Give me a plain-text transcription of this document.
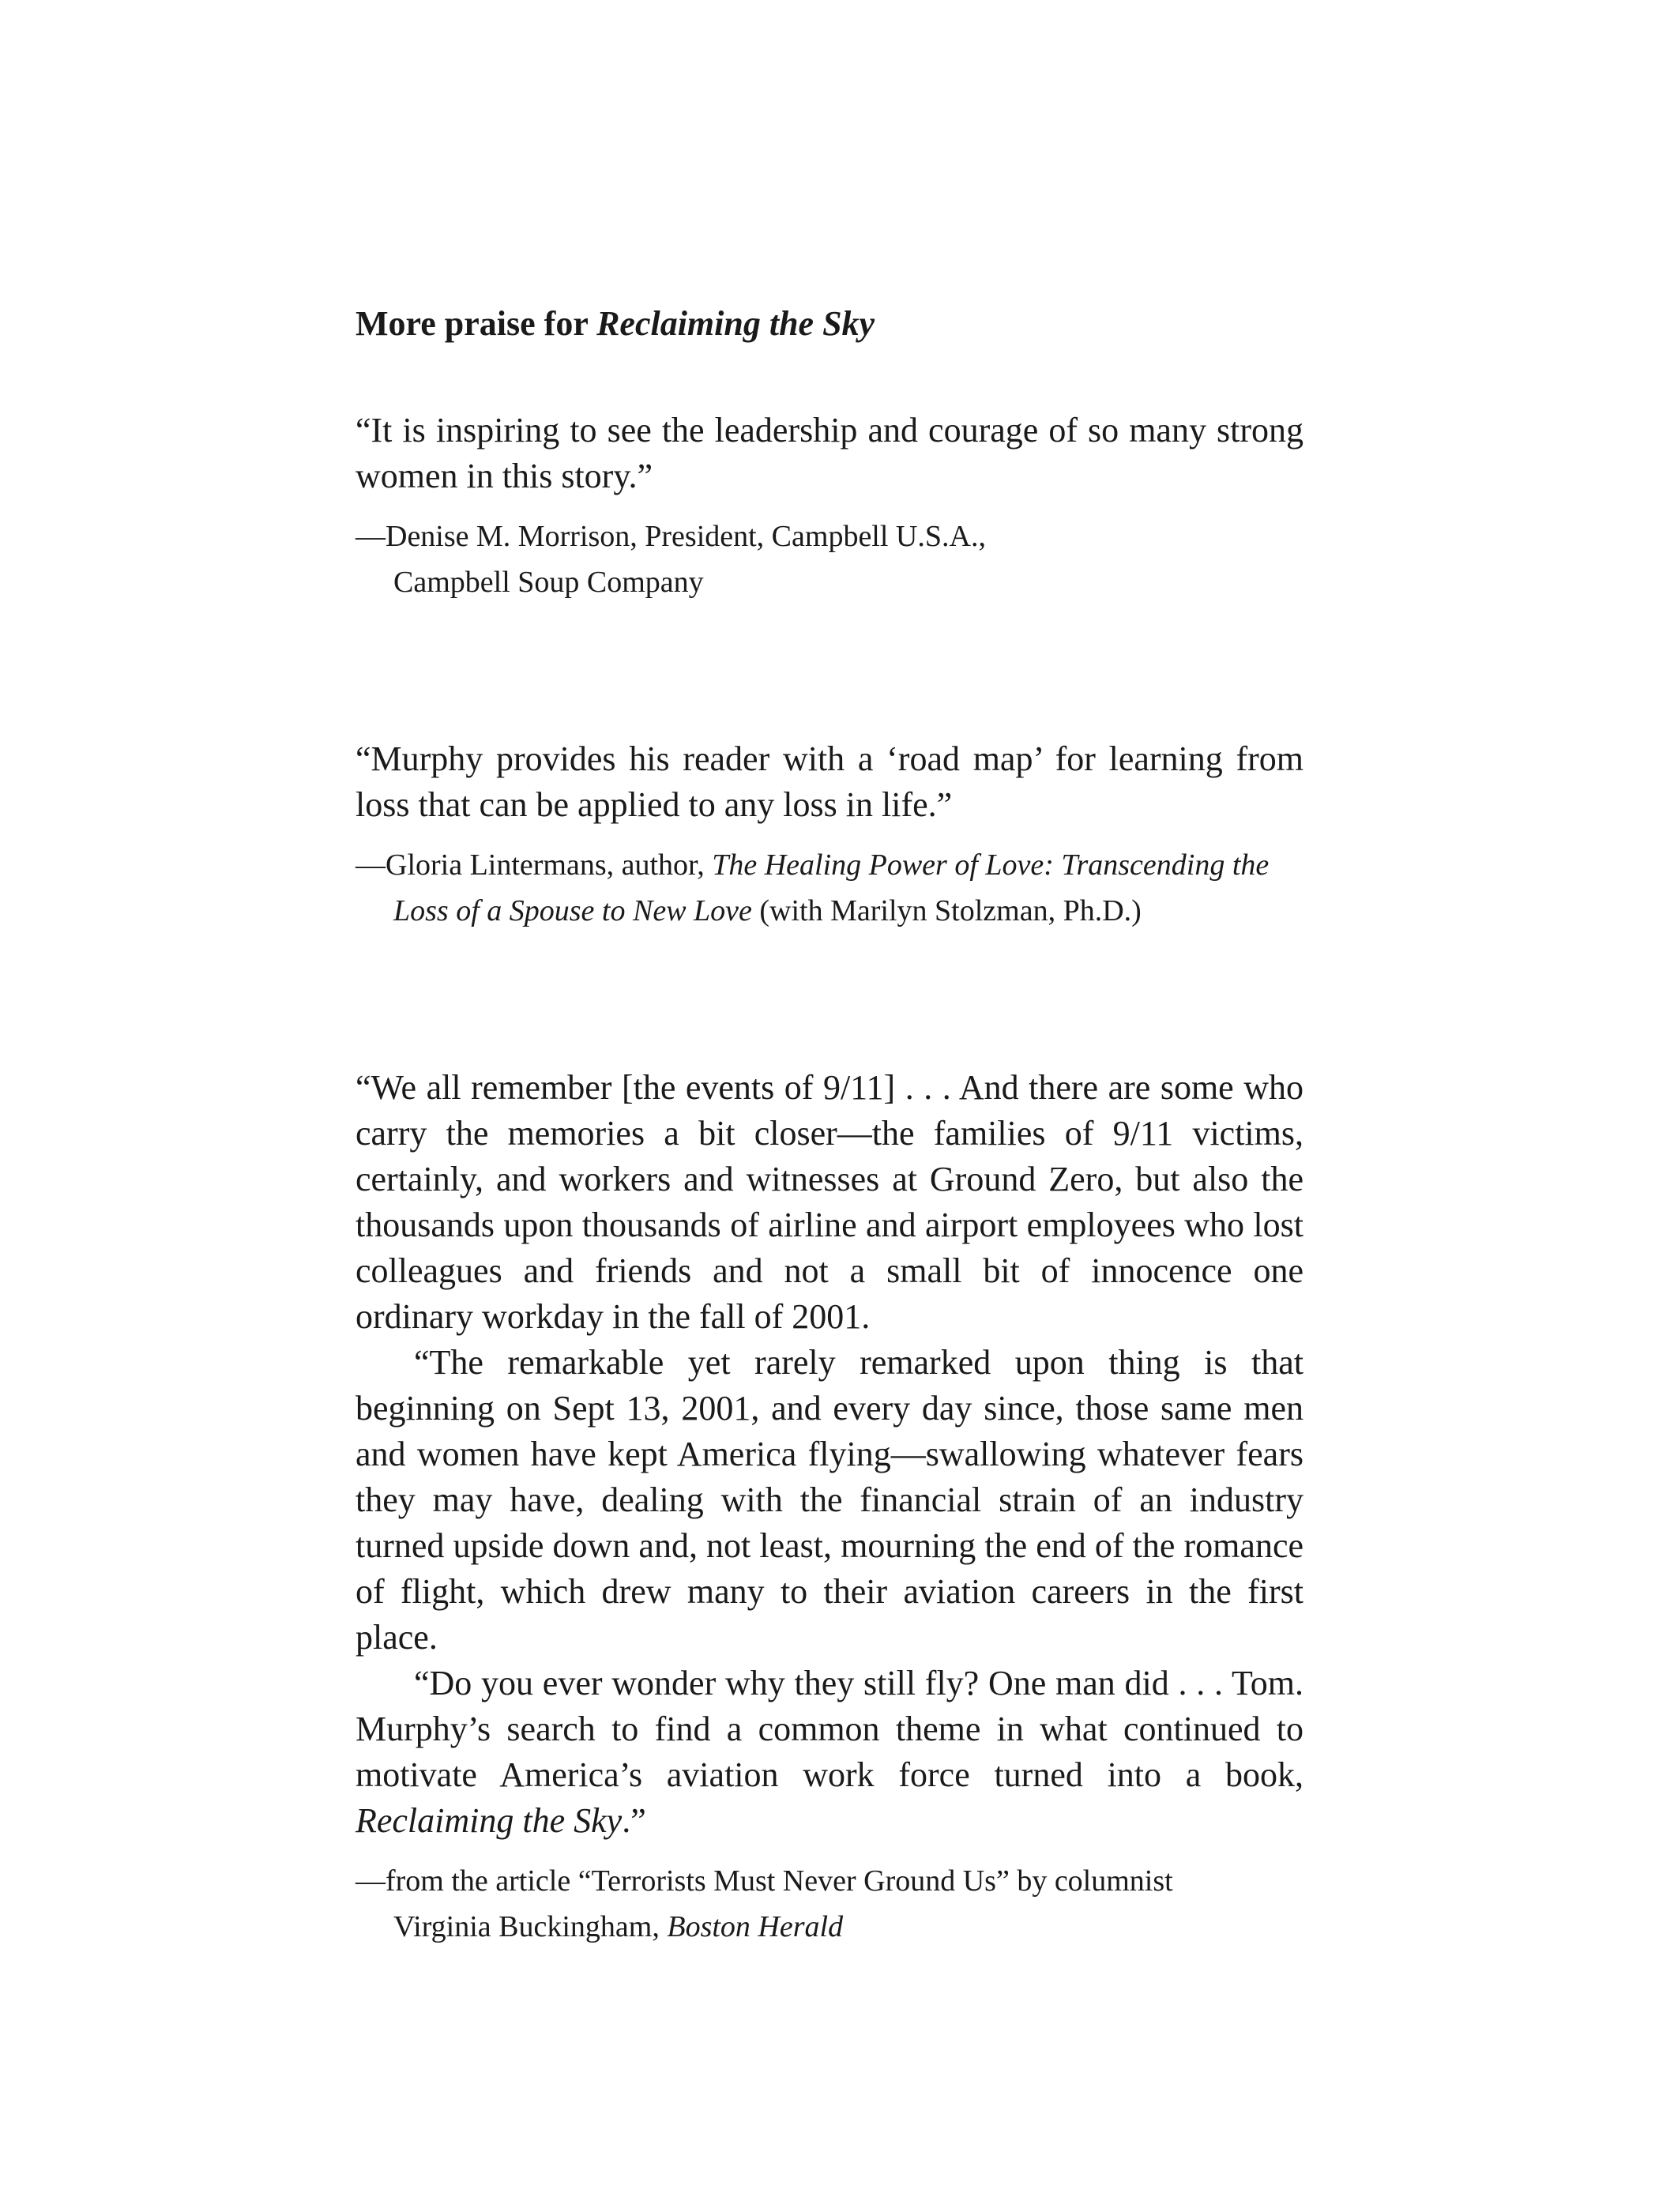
More praise for Reclaiming the Sky

“It is inspiring to see the leadership and courage of so many strong women in this story.”

—Denise M. Morrison, President, Campbell U.S.A.,
Campbell Soup Company

“Murphy provides his reader with a ‘road map’ for learning from loss that can be applied to any loss in life.”

—Gloria Lintermans, author, The Healing Power of Love: Transcending the Loss of a Spouse to New Love (with Marilyn Stolzman, Ph.D.)

“We all remember [the events of 9/11] . . . And there are some who carry the memories a bit closer—the families of 9/11 victims, certainly, and workers and witnesses at Ground Zero, but also the thousands upon thousands of airline and airport employees who lost colleagues and friends and not a small bit of innocence one ordinary workday in the fall of 2001.

“The remarkable yet rarely remarked upon thing is that beginning on Sept 13, 2001, and every day since, those same men and women have kept America flying—swallowing whatever fears they may have, dealing with the financial strain of an industry turned upside down and, not least, mourning the end of the romance of flight, which drew many to their aviation careers in the first place.

“Do you ever wonder why they still fly? One man did . . . Tom. Murphy’s search to find a common theme in what continued to motivate America’s aviation work force turned into a book, Reclaiming the Sky.”

—from the article “Terrorists Must Never Ground Us” by columnist
Virginia Buckingham, Boston Herald
